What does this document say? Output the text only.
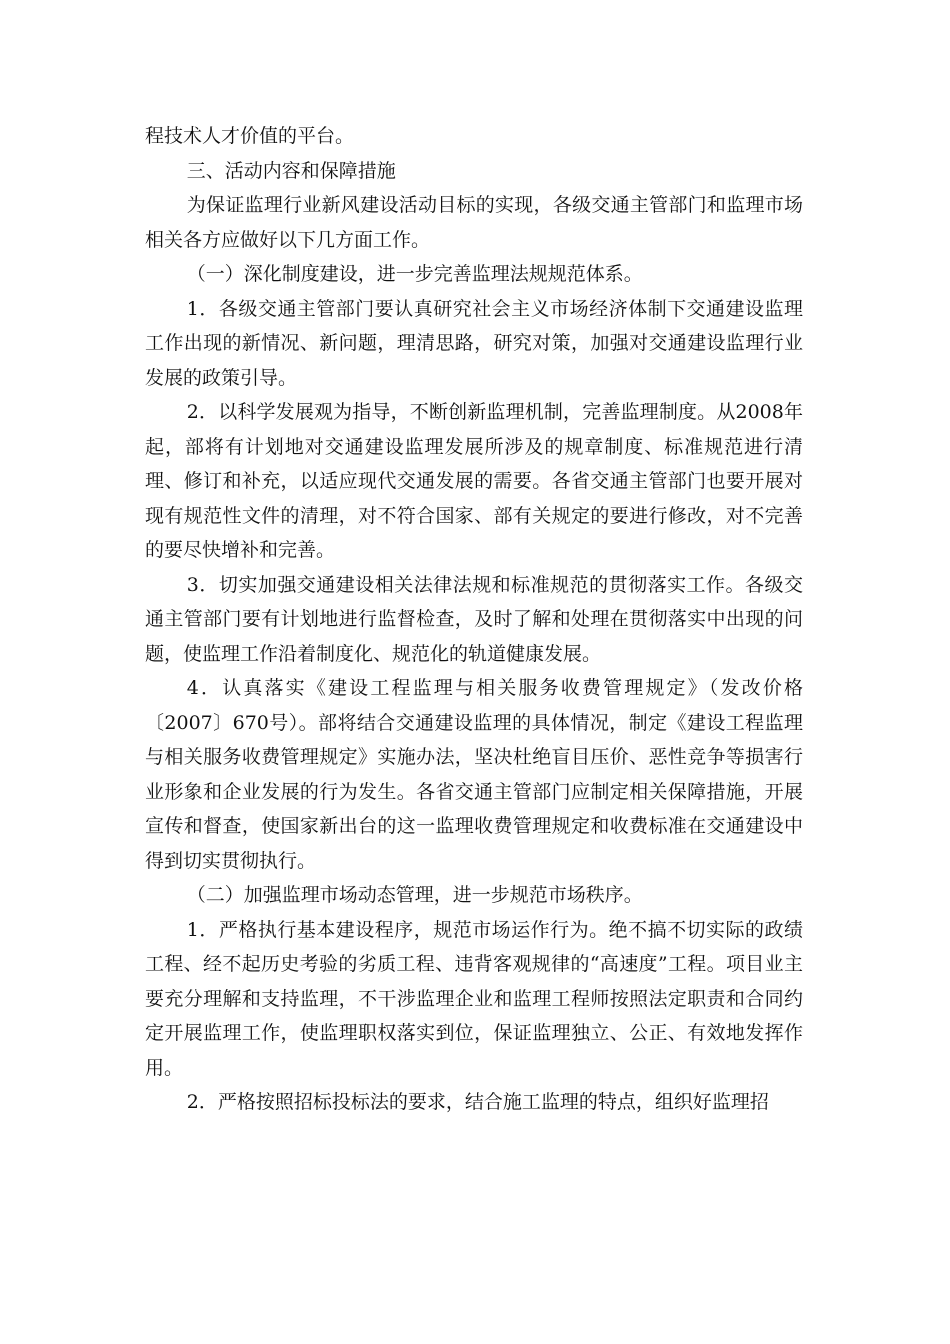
程技术人才价值的平台。

三、活动内容和保障措施

为保证监理行业新风建设活动目标的实现，各级交通主管部门和监理市场相关各方应做好以下几方面工作。

（一）深化制度建设，进一步完善监理法规规范体系。

1．各级交通主管部门要认真研究社会主义市场经济体制下交通建设监理工作出现的新情况、新问题，理清思路，研究对策，加强对交通建设监理行业发展的政策引导。

2．以科学发展观为指导，不断创新监理机制，完善监理制度。从2008年起，部将有计划地对交通建设监理发展所涉及的规章制度、标准规范进行清理、修订和补充，以适应现代交通发展的需要。各省交通主管部门也要开展对现有规范性文件的清理，对不符合国家、部有关规定的要进行修改，对不完善的要尽快增补和完善。

3．切实加强交通建设相关法律法规和标准规范的贯彻落实工作。各级交通主管部门要有计划地进行监督检查，及时了解和处理在贯彻落实中出现的问题，使监理工作沿着制度化、规范化的轨道健康发展。

4．认真落实《建设工程监理与相关服务收费管理规定》（发改价格〔2007〕670号）。部将结合交通建设监理的具体情况，制定《建设工程监理与相关服务收费管理规定》实施办法，坚决杜绝盲目压价、恶性竞争等损害行业形象和企业发展的行为发生。各省交通主管部门应制定相关保障措施，开展宣传和督查，使国家新出台的这一监理收费管理规定和收费标准在交通建设中得到切实贯彻执行。

（二）加强监理市场动态管理，进一步规范市场秩序。

1．严格执行基本建设程序，规范市场运作行为。绝不搞不切实际的政绩工程、经不起历史考验的劣质工程、违背客观规律的“高速度”工程。项目业主要充分理解和支持监理，不干涉监理企业和监理工程师按照法定职责和合同约定开展监理工作，使监理职权落实到位，保证监理独立、公正、有效地发挥作用。

2．严格按照招标投标法的要求，结合施工监理的特点，组织好监理招
